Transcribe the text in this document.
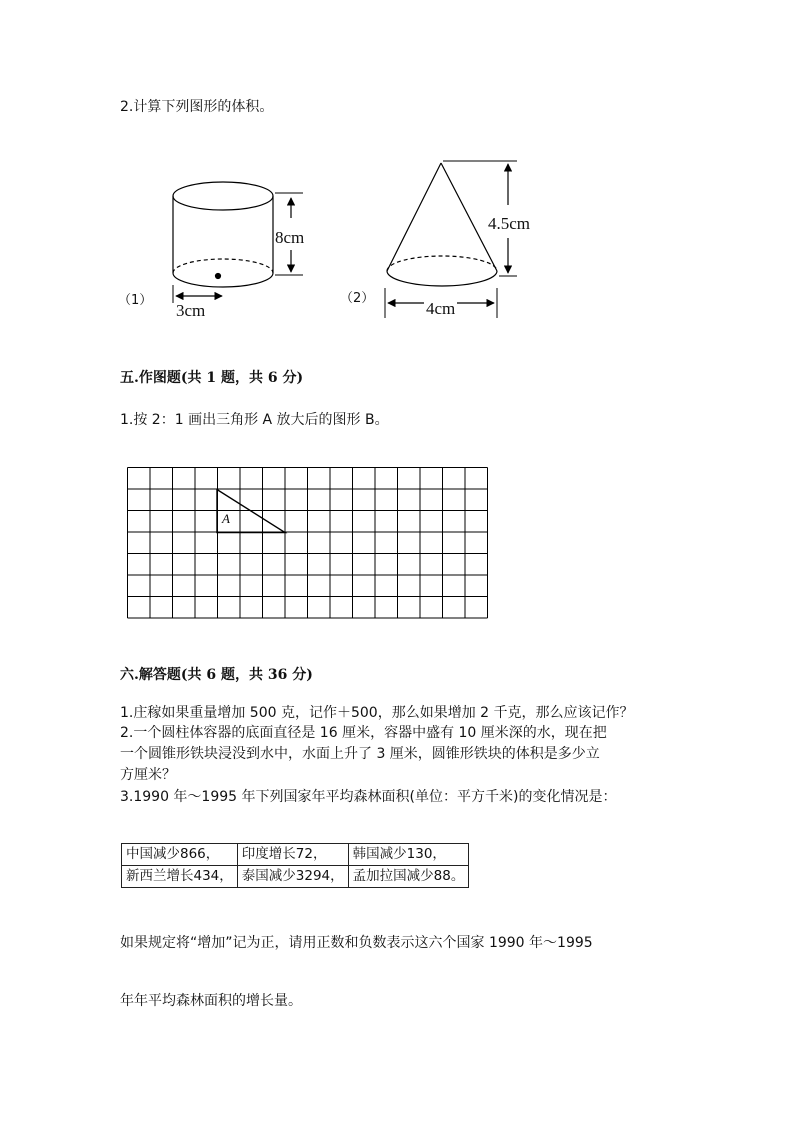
2.计算下列图形的体积。
8cm
3cm
（1）
4.5cm
4cm
（2）
五.作图题(共 1 题，共 6 分)
1.按 2：1 画出三角形 A 放大后的图形 B。
A
六.解答题(共 6 题，共 36 分)
1.庄稼如果重量增加 500 克，记作＋500，那么如果增加 2 千克，那么应该记作？
2.一个圆柱体容器的底面直径是 16 厘米，容器中盛有 10 厘米深的水，现在把
一个圆锥形铁块浸没到水中，水面上升了 3 厘米，圆锥形铁块的体积是多少立
方厘米？
3.1990 年～1995 年下列国家年平均森林面积(单位：平方千米)的变化情况是：
中国减少866，	印度增长72，	韩国减少130，
新西兰增长434，	泰国减少3294，	孟加拉国减少88。
如果规定将“增加”记为正，请用正数和负数表示这六个国家 1990 年～1995
年年平均森林面积的增长量。
